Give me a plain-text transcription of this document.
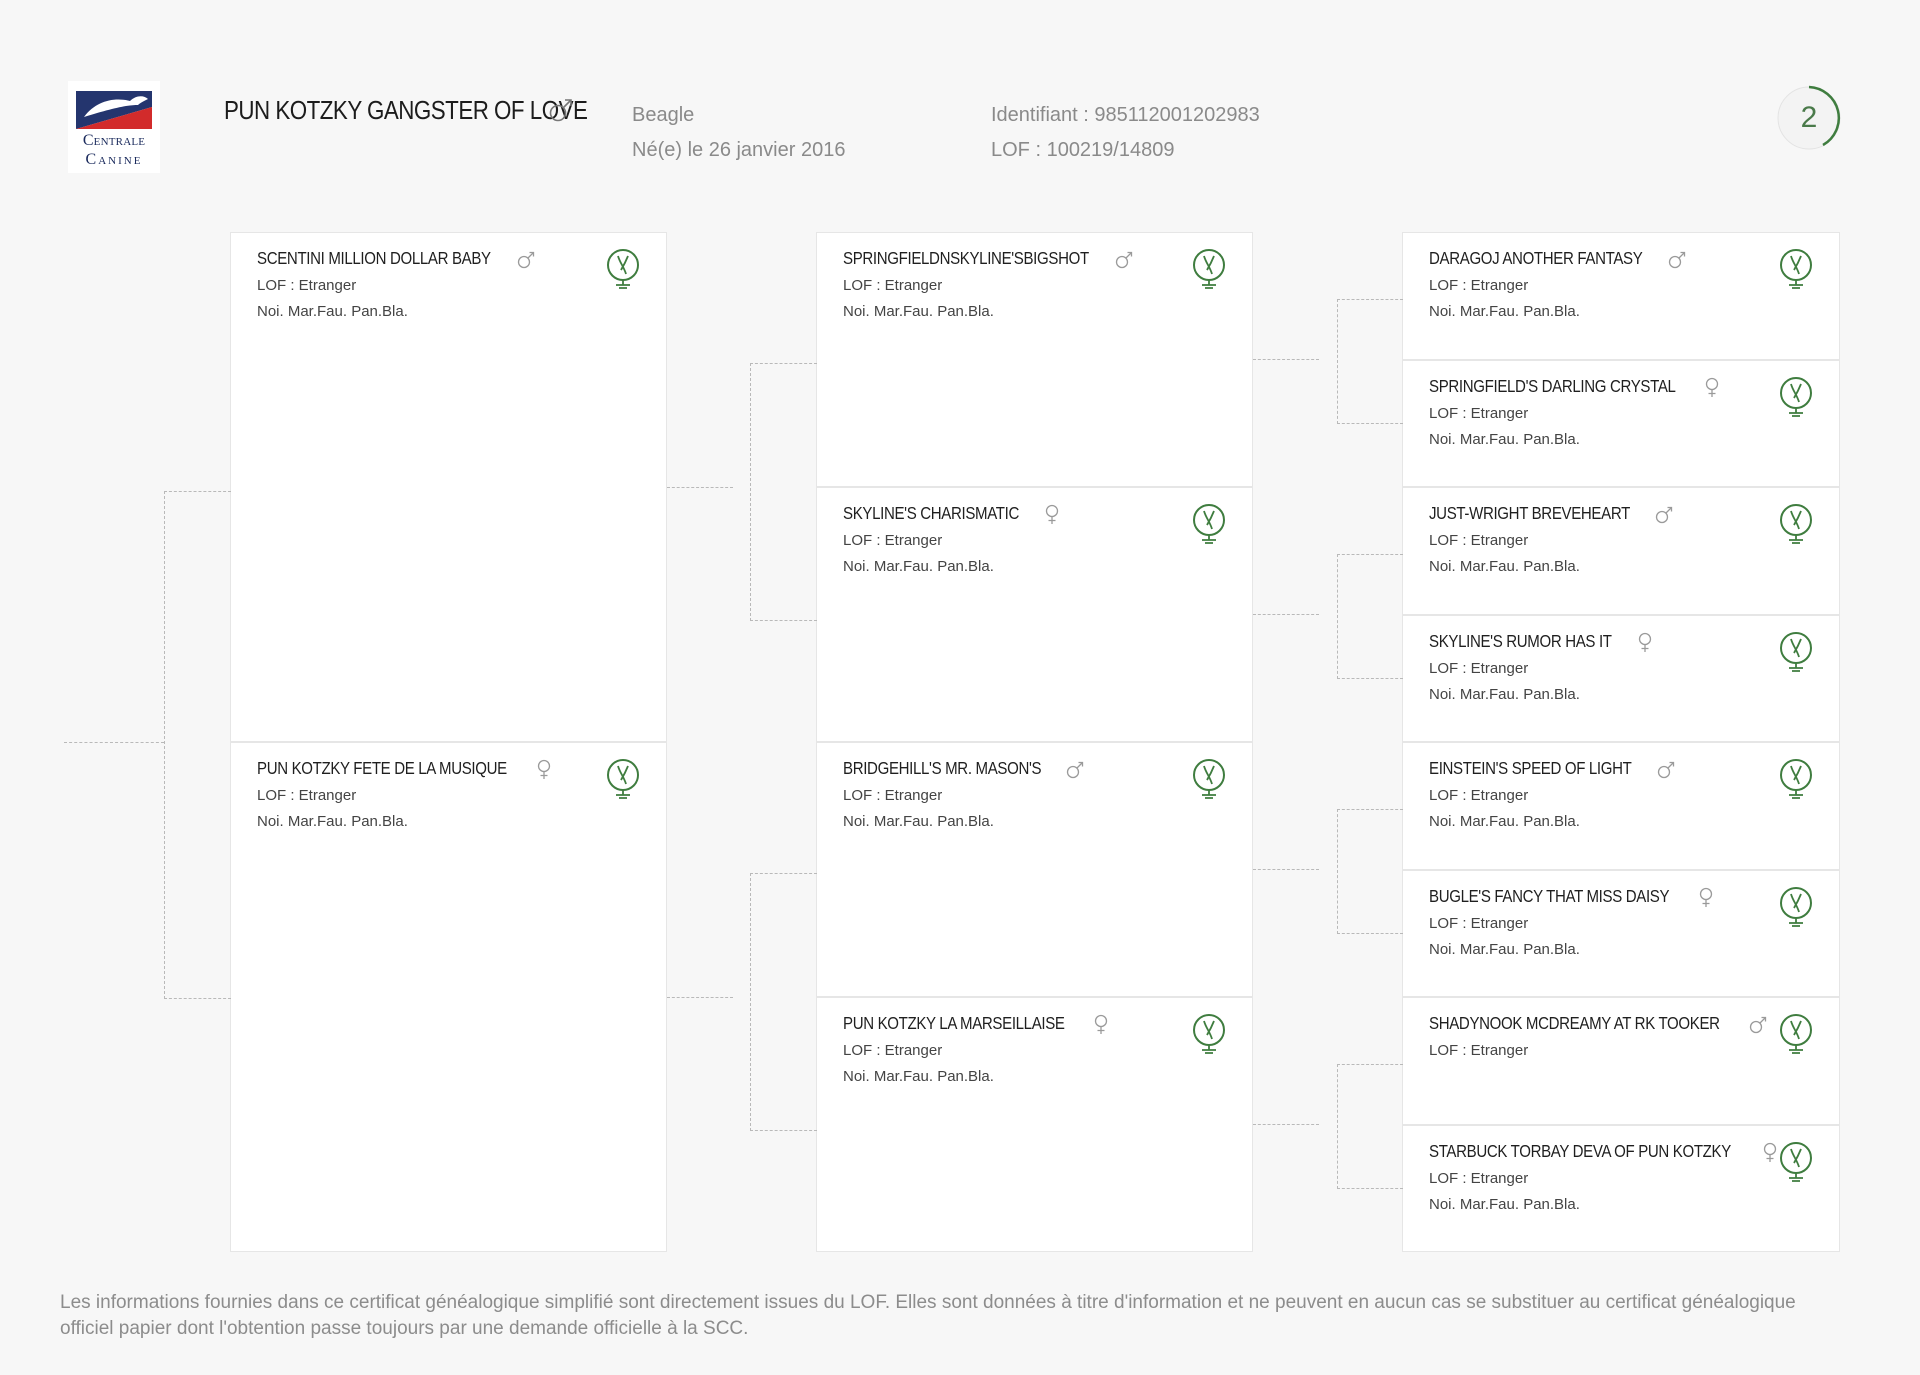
Centrale
Canine
PUN KOTZKY GANGSTER OF LOVE Beagle
Né(e) le 26 janvier 2016
Identifiant : 985112001202983
LOF : 100219/14809
2
SCENTINI MILLION DOLLAR BABY
LOF : Etranger
Noi. Mar.Fau. Pan.Bla.
PUN KOTZKY FETE DE LA MUSIQUE
LOF : Etranger
Noi. Mar.Fau. Pan.Bla.
SPRINGFIELDNSKYLINE'SBIGSHOT
LOF : Etranger
Noi. Mar.Fau. Pan.Bla.
SKYLINE'S CHARISMATIC
LOF : Etranger
Noi. Mar.Fau. Pan.Bla.
BRIDGEHILL'S MR. MASON'S
LOF : Etranger
Noi. Mar.Fau. Pan.Bla.
PUN KOTZKY LA MARSEILLAISE
LOF : Etranger
Noi. Mar.Fau. Pan.Bla.
DARAGOJ ANOTHER FANTASY
LOF : Etranger
Noi. Mar.Fau. Pan.Bla.
SPRINGFIELD'S DARLING CRYSTAL
LOF : Etranger
Noi. Mar.Fau. Pan.Bla.
JUST-WRIGHT BREVEHEART
LOF : Etranger
Noi. Mar.Fau. Pan.Bla.
SKYLINE'S RUMOR HAS IT
LOF : Etranger
Noi. Mar.Fau. Pan.Bla.
EINSTEIN'S SPEED OF LIGHT
LOF : Etranger
Noi. Mar.Fau. Pan.Bla.
BUGLE'S FANCY THAT MISS DAISY
LOF : Etranger
Noi. Mar.Fau. Pan.Bla.
SHADYNOOK MCDREAMY AT RK TOOKER
LOF : Etranger
STARBUCK TORBAY DEVA OF PUN KOTZKY
LOF : Etranger
Noi. Mar.Fau. Pan.Bla.
Les informations fournies dans ce certificat généalogique simplifié sont directement issues du LOF. Elles sont données à titre d'information et ne peuvent en aucun cas se substituer au certificat généalogique officiel papier dont l'obtention passe toujours par une demande officielle à la SCC.
